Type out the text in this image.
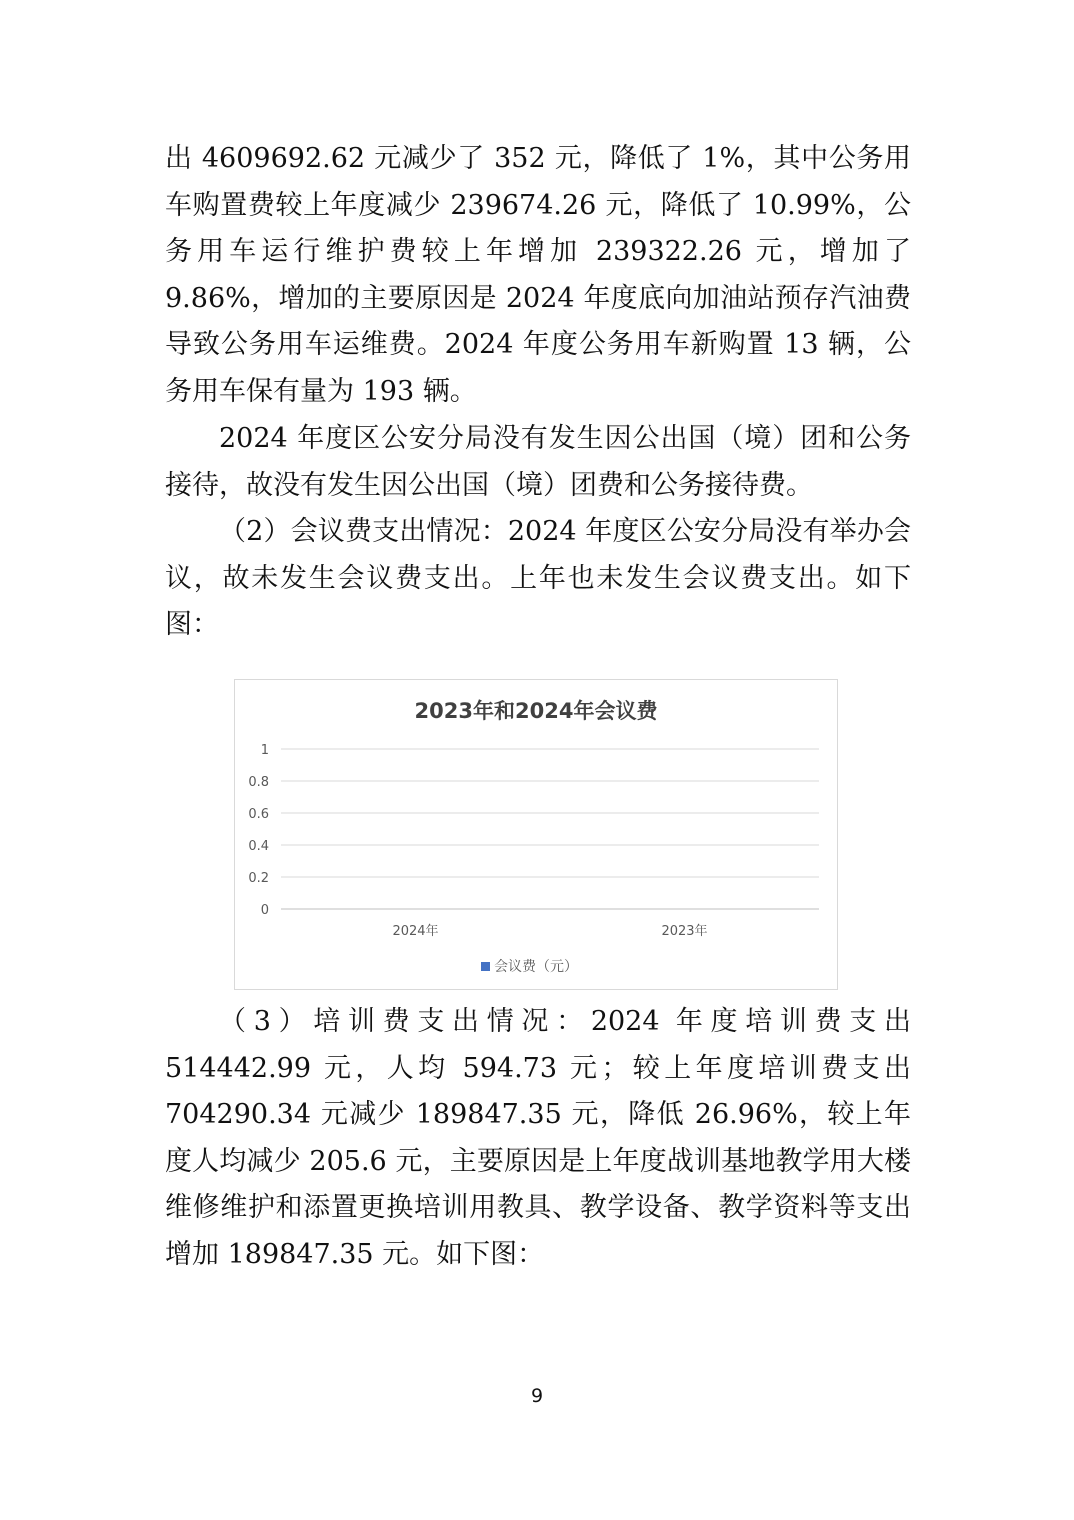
出 4609692.62 元减少了 352 元，降低了 1%，其中公务用车购置费较上年度减少 239674.26 元，降低了 10.99%，公务用车运行维护费较上年增加 239322.26 元，增加了 9.86%，增加的主要原因是 2024 年度底向加油站预存汽油费导致公务用车运维费。2024 年度公务用车新购置 13 辆，公务用车保有量为 193 辆。

2024 年度区公安分局没有发生因公出国（境）团和公务接待，故没有发生因公出国（境）团费和公务接待费。

（2）会议费支出情况：2024 年度区公安分局没有举办会议，故未发生会议费支出。上年也未发生会议费支出。如下图：

2023年和2024年会议费
0
0.2
0.4
0.6
0.8
1
2024年	2023年
会议费（元）

（3）培训费支出情况：2024 年度培训费支出 514442.99 元，人均 594.73 元；较上年度培训费支出 704290.34 元减少 189847.35 元，降低 26.96%，较上年度人均减少 205.6 元，主要原因是上年度战训基地教学用大楼维修维护和添置更换培训用教具、教学设备、教学资料等支出增加 189847.35 元。如下图：

9
